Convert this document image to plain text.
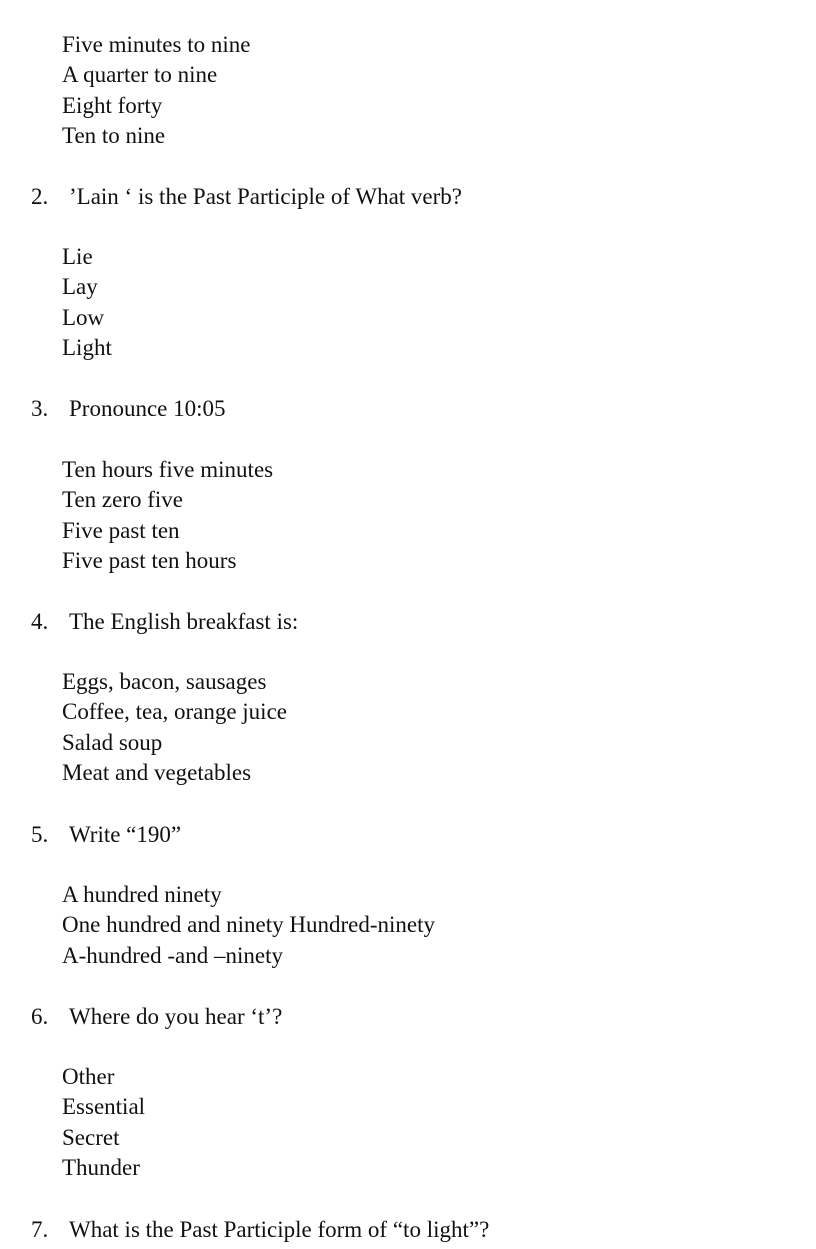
Five minutes to nine
A quarter to nine
Eight forty
Ten to nine
2. ’Lain ‘ is the Past Participle of What verb?
Lie
Lay
Low
Light
3. Pronounce 10:05
Ten hours five minutes
Ten zero five
Five past ten
Five past ten hours
4. The English breakfast is:
Eggs, bacon, sausages
Coffee, tea, orange juice
Salad soup
Meat and vegetables
5. Write “190”
A hundred ninety
One hundred and ninety Hundred-ninety
A-hundred -and –ninety
6. Where do you hear ‘t’?
Other
Essential
Secret
Thunder
7. What is the Past Participle form of “to light”?
